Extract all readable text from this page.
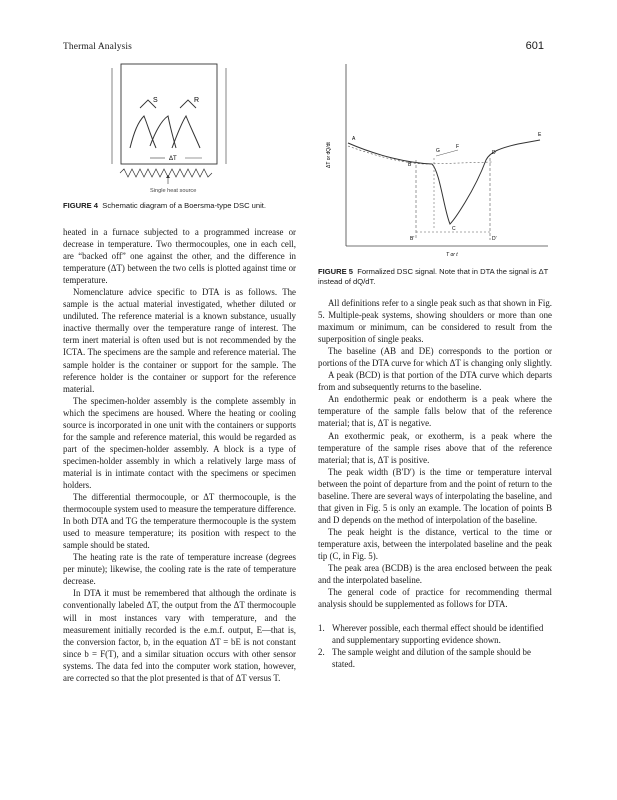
Thermal Analysis	601
S	R
ΔT
Single heat source
FIGURE 4 Schematic diagram of a Boersma-type DSC unit.
ΔT or dQ/dt
T or t
A
G
F
E
D
B
C
B'	D'
FIGURE 5 Formalized DSC signal. Note that in DTA the signal is ΔT instead of dQ/dT.

heated in a furnace subjected to a programmed increase or decrease in temperature. Two thermocouples, one in each cell, are “backed off” one against the other, and the difference in temperature (ΔT) between the two cells is plotted against time or temperature.

Nomenclature advice specific to DTA is as follows. The sample is the actual material investigated, whether diluted or undiluted. The reference material is a known substance, usually inactive thermally over the temperature range of interest. The term inert material is often used but is not recommended by the ICTA. The specimens are the sample and reference material. The sample holder is the container or support for the sample. The reference holder is the container or support for the reference material.

The specimen-holder assembly is the complete assembly in which the specimens are housed. Where the heating or cooling source is incorporated in one unit with the containers or supports for the sample and reference material, this would be regarded as part of the specimen-holder assembly. A block is a type of specimen-holder assembly in which a relatively large mass of material is in intimate contact with the specimens or specimen holders.

The differential thermocouple, or ΔT thermocouple, is the thermocouple system used to measure the temperature difference. In both DTA and TG the temperature thermocouple is the system used to measure temperature; its position with respect to the sample should be stated.

The heating rate is the rate of temperature increase (degrees per minute); likewise, the cooling rate is the rate of temperature decrease.

In DTA it must be remembered that although the ordinate is conventionally labeled ΔT, the output from the ΔT thermocouple will in most instances vary with temperature, and the measurement initially recorded is the e.m.f. output, E—that is, the conversion factor, b, in the equation ΔT = bE is not constant since b = F(T), and a similar situation occurs with other sensor systems. The data fed into the computer work station, however, are corrected so that the plot presented is that of ΔT versus T.

All definitions refer to a single peak such as that shown in Fig. 5. Multiple-peak systems, showing shoulders or more than one maximum or minimum, can be considered to result from the superposition of single peaks.

The baseline (AB and DE) corresponds to the portion or portions of the DTA curve for which ΔT is changing only slightly.

A peak (BCD) is that portion of the DTA curve which departs from and subsequently returns to the baseline.

An endothermic peak or endotherm is a peak where the temperature of the sample falls below that of the reference material; that is, ΔT is negative.

An exothermic peak, or exotherm, is a peak where the temperature of the sample rises above that of the reference material; that is, ΔT is positive.

The peak width (B′D′) is the time or temperature interval between the point of departure from and the point of return to the baseline. There are several ways of interpolating the baseline, and that given in Fig. 5 is only an example. The location of points B and D depends on the method of interpolation of the baseline.

The peak height is the distance, vertical to the time or temperature axis, between the interpolated baseline and the peak tip (C, in Fig. 5).

The peak area (BCDB) is the area enclosed between the peak and the interpolated baseline.

The general code of practice for recommending thermal analysis should be supplemented as follows for DTA.

1. Wherever possible, each thermal effect should be identified and supplementary supporting evidence shown.
2. The sample weight and dilution of the sample should be stated.
